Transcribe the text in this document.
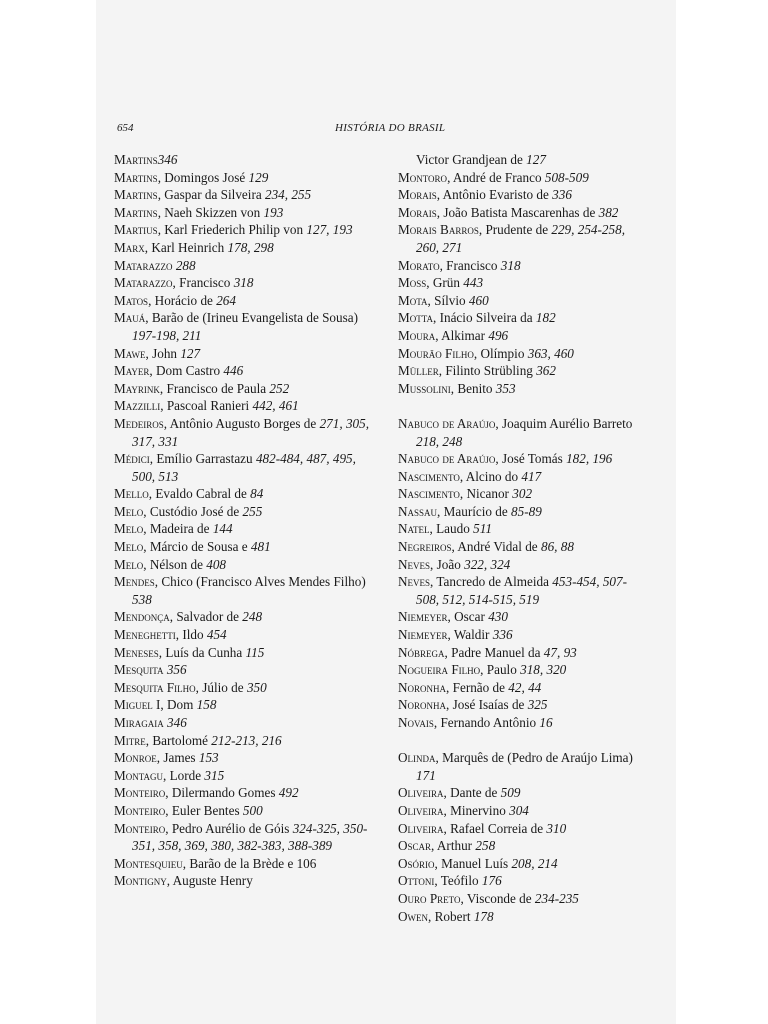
654	HISTÓRIA DO BRASIL
Martins346
Martins, Domingos José 129
Martins, Gaspar da Silveira 234, 255
Martins, Naeh Skizzen von 193
Martius, Karl Friederich Philip von 127, 193
Marx, Karl Heinrich 178, 298
Matarazzo 288
Matarazzo, Francisco 318
Matos, Horácio de 264
Mauá, Barão de (Irineu Evangelista de Sousa) 197-198, 211
Mawe, John 127
Mayer, Dom Castro 446
Mayrink, Francisco de Paula 252
Mazzilli, Pascoal Ranieri 442, 461
Medeiros, Antônio Augusto Borges de 271, 305, 317, 331
Médici, Emílio Garrastazu 482-484, 487, 495, 500, 513
Mello, Evaldo Cabral de 84
Melo, Custódio José de 255
Melo, Madeira de 144
Melo, Márcio de Sousa e 481
Melo, Nélson de 408
Mendes, Chico (Francisco Alves Mendes Filho) 538
Mendonça, Salvador de 248
Meneghetti, Ildo 454
Meneses, Luís da Cunha 115
Mesquita 356
Mesquita Filho, Júlio de 350
Miguel I, Dom 158
Miragaia 346
Mitre, Bartolomé 212-213, 216
Monroe, James 153
Montagu, Lorde 315
Monteiro, Dilermando Gomes 492
Monteiro, Euler Bentes 500
Monteiro, Pedro Aurélio de Góis 324-325, 350-351, 358, 369, 380, 382-383, 388-389
Montesquieu, Barão de la Brède e 106
Montigny, Auguste Henry
Victor Grandjean de 127
Montoro, André de Franco 508-509
Morais, Antônio Evaristo de 336
Morais, João Batista Mascarenhas de 382
Morais Barros, Prudente de 229, 254-258, 260, 271
Morato, Francisco 318
Moss, Grün 443
Mota, Sílvio 460
Motta, Inácio Silveira da 182
Moura, Alkimar 496
Mourão Filho, Olímpio 363, 460
Müller, Filinto Strübling 362
Mussolini, Benito 353
Nabuco de Araújo, Joaquim Aurélio Barreto 218, 248
Nabuco de Araújo, José Tomás 182, 196
Nascimento, Alcino do 417
Nascimento, Nicanor 302
Nassau, Maurício de 85-89
Natel, Laudo 511
Negreiros, André Vidal de 86, 88
Neves, João 322, 324
Neves, Tancredo de Almeida 453-454, 507-508, 512, 514-515, 519
Niemeyer, Oscar 430
Niemeyer, Waldir 336
Nóbrega, Padre Manuel da 47, 93
Nogueira Filho, Paulo 318, 320
Noronha, Fernão de 42, 44
Noronha, José Isaías de 325
Novais, Fernando Antônio 16
Olinda, Marquês de (Pedro de Araújo Lima) 171
Oliveira, Dante de 509
Oliveira, Minervino 304
Oliveira, Rafael Correia de 310
Oscar, Arthur 258
Osório, Manuel Luís 208, 214
Ottoni, Teófilo 176
Ouro Preto, Visconde de 234-235
Owen, Robert 178
